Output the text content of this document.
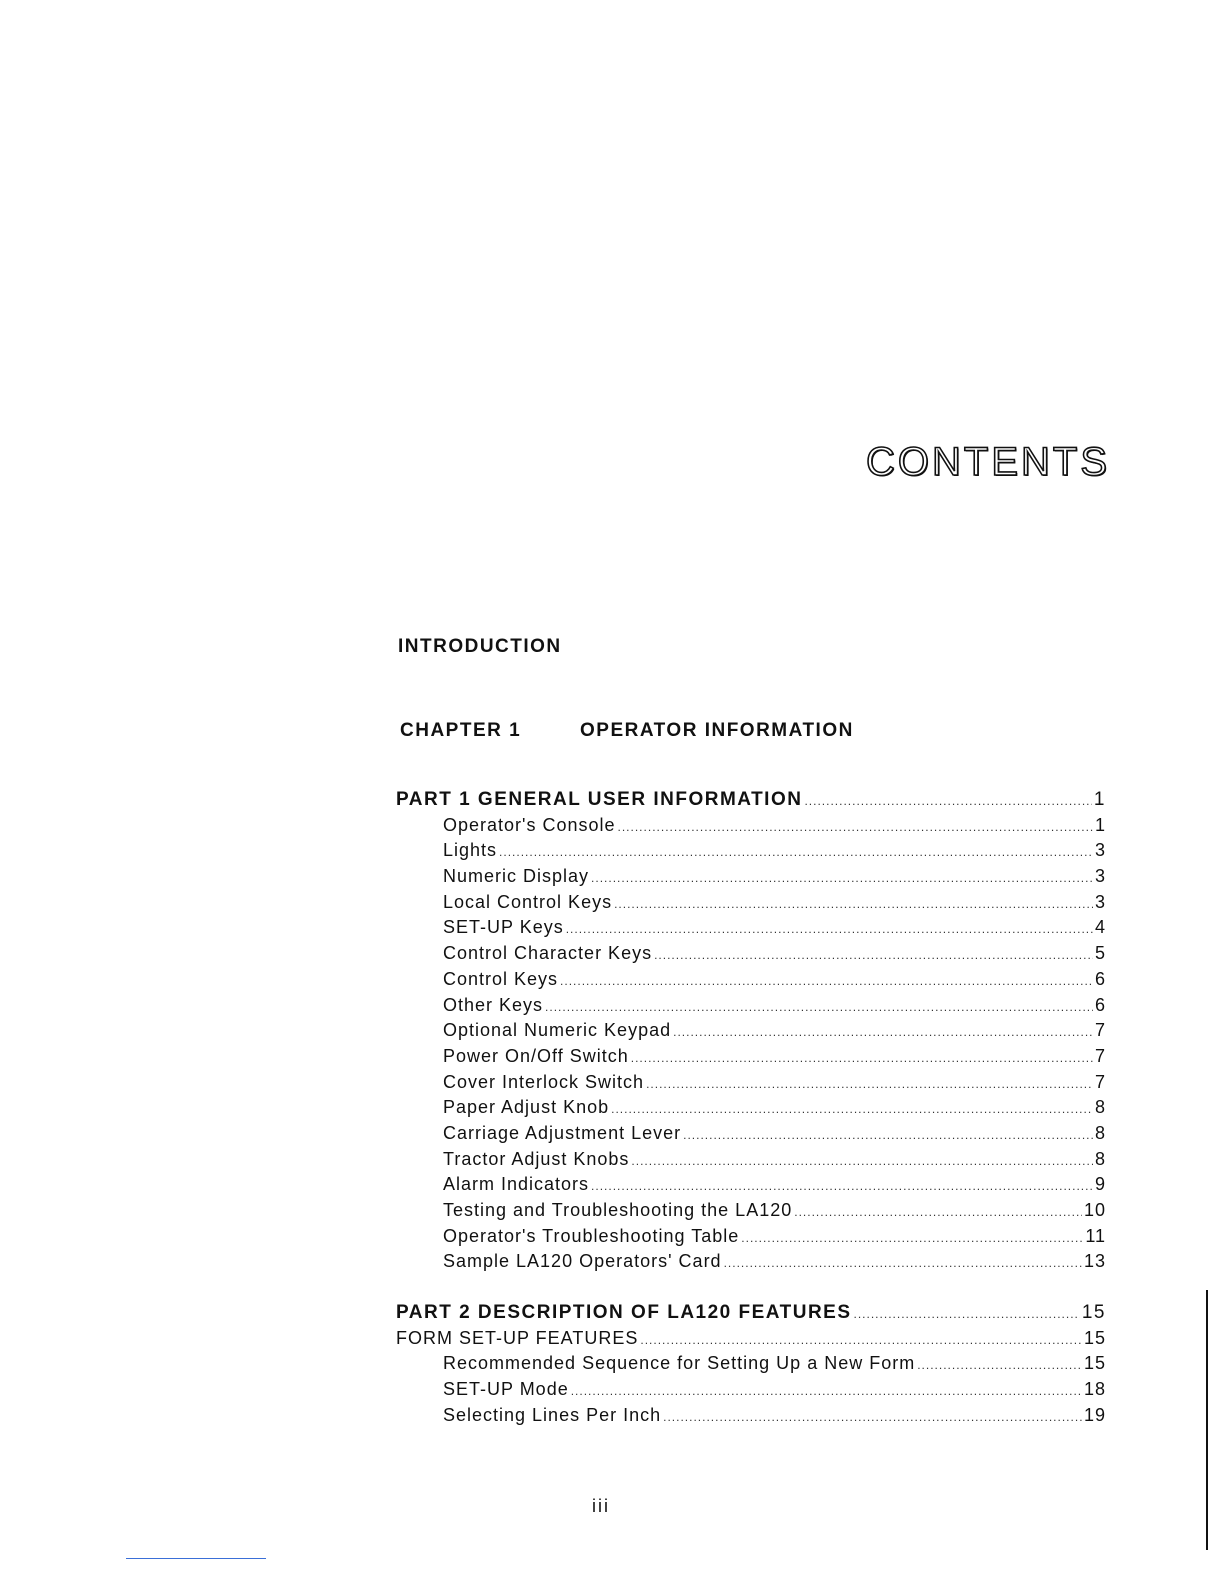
CONTENTS
INTRODUCTION
CHAPTER 1	OPERATOR INFORMATION
PART 1 GENERAL USER INFORMATION .....	1
Operator's Console .....	1
Lights .....	3
Numeric Display .....	3
Local Control Keys .....	3
SET-UP Keys .....	4
Control Character Keys .....	5
Control Keys .....	6
Other Keys .....	6
Optional Numeric Keypad .....	7
Power On/Off Switch .....	7
Cover Interlock Switch .....	7
Paper Adjust Knob .....	8
Carriage Adjustment Lever .....	8
Tractor Adjust Knobs .....	8
Alarm Indicators .....	9
Testing and Troubleshooting the LA120 .....	10
Operator's Troubleshooting Table .....	11
Sample LA120 Operators' Card .....	13
PART 2 DESCRIPTION OF LA120 FEATURES .....	15
FORM SET-UP FEATURES .....	15
Recommended Sequence for Setting Up a New Form .....	15
SET-UP Mode .....	18
Selecting Lines Per Inch .....	19
iii
